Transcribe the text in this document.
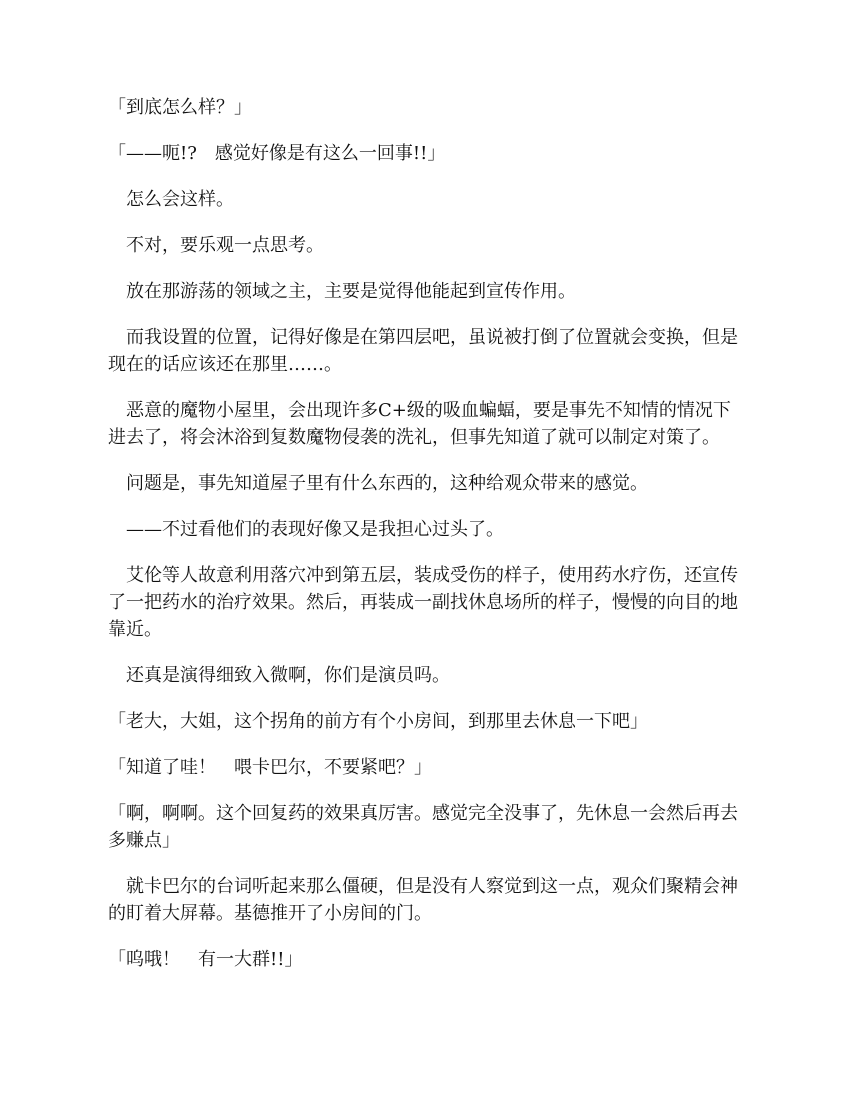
「到底怎么样？」

「——呃!?　感觉好像是有这么一回事!!」

怎么会这样。

不对，要乐观一点思考。

放在那游荡的领域之主，主要是觉得他能起到宣传作用。

而我设置的位置，记得好像是在第四层吧，虽说被打倒了位置就会变换，但是现在的话应该还在那里……。

恶意的魔物小屋里，会出现许多C+级的吸血蝙蝠，要是事先不知情的情况下进去了，将会沐浴到复数魔物侵袭的洗礼，但事先知道了就可以制定对策了。

问题是，事先知道屋子里有什么东西的，这种给观众带来的感觉。

——不过看他们的表现好像又是我担心过头了。

艾伦等人故意利用落穴冲到第五层，装成受伤的样子，使用药水疗伤，还宣传了一把药水的治疗效果。然后，再装成一副找休息场所的样子，慢慢的向目的地靠近。

还真是演得细致入微啊，你们是演员吗。

「老大，大姐，这个拐角的前方有个小房间，到那里去休息一下吧」

「知道了哇！　喂卡巴尔，不要紧吧？」

「啊，啊啊。这个回复药的效果真厉害。感觉完全没事了，先休息一会然后再去多赚点」

就卡巴尔的台词听起来那么僵硬，但是没有人察觉到这一点，观众们聚精会神的盯着大屏幕。基德推开了小房间的门。

「呜哦！　有一大群!!」
